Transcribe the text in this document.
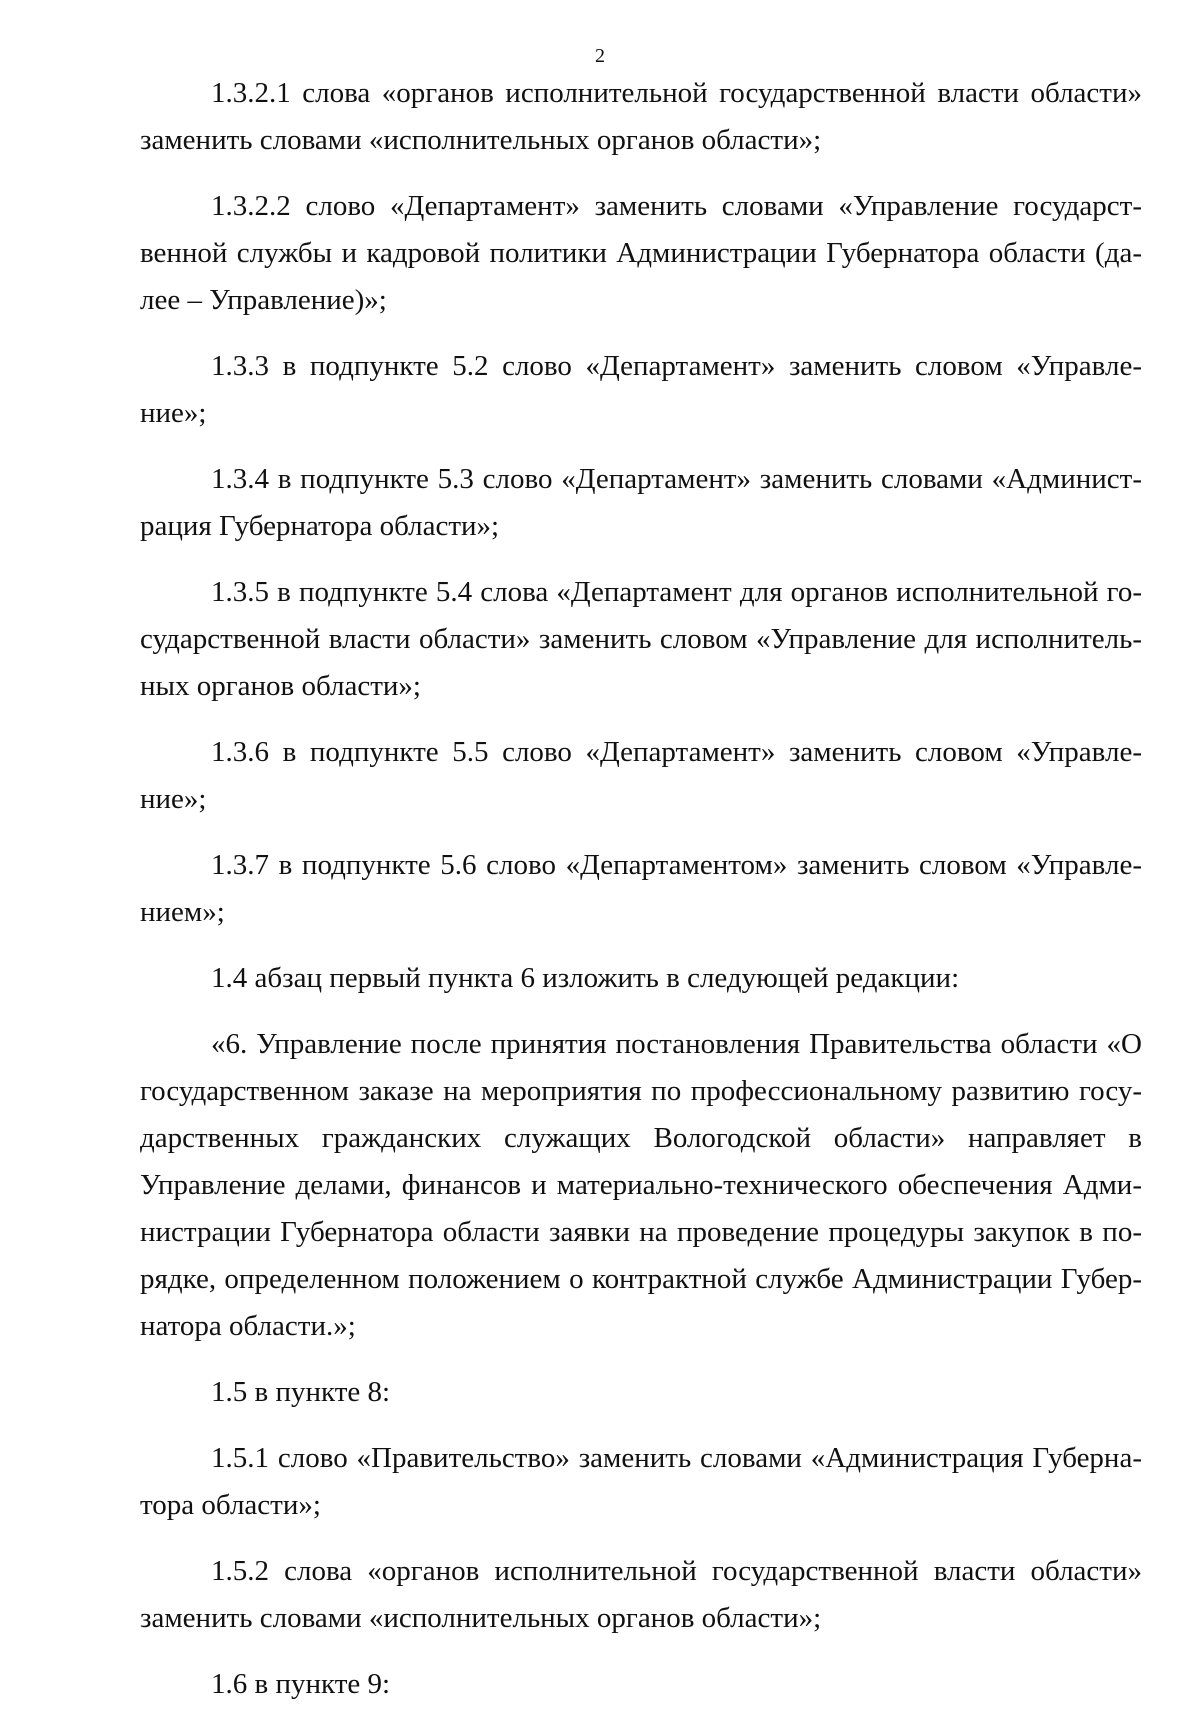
2

1.3.2.1 слова «органов исполнительной государственной власти области» заменить словами «исполнительных органов области»;

1.3.2.2 слово «Департамент» заменить словами «Управление государственной службы и кадровой политики Администрации Губернатора области (далее – Управление)»;

1.3.3 в подпункте 5.2 слово «Департамент» заменить словом «Управление»;

1.3.4 в подпункте 5.3 слово «Департамент» заменить словами «Администрация Губернатора области»;

1.3.5 в подпункте 5.4 слова «Департамент для органов исполнительной государственной власти области» заменить словом «Управление для исполнительных органов области»;

1.3.6 в подпункте 5.5 слово «Департамент» заменить словом «Управление»;

1.3.7 в подпункте 5.6 слово «Департаментом» заменить словом «Управлением»;

1.4 абзац первый пункта 6 изложить в следующей редакции:

«6. Управление после принятия постановления Правительства области «О государственном заказе на мероприятия по профессиональному развитию государственных гражданских служащих Вологодской области» направляет в Управление делами, финансов и материально-технического обеспечения Администрации Губернатора области заявки на проведение процедуры закупок в порядке, определенном положением о контрактной службе Администрации Губернатора области.»;

1.5 в пункте 8:

1.5.1 слово «Правительство» заменить словами «Администрация Губернатора области»;

1.5.2 слова «органов исполнительной государственной власти области» заменить словами «исполнительных органов области»;

1.6 в пункте 9:
